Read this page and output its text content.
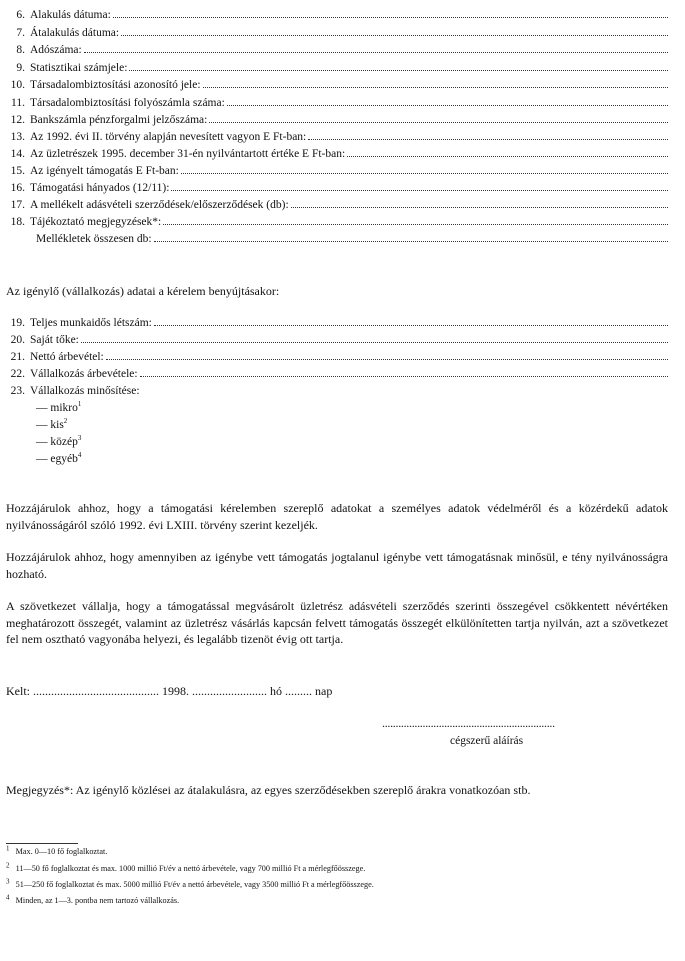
6. Alakulás dátuma:
7. Átalakulás dátuma:
8. Adószáma:
9. Statisztikai számjele:
10. Társadalombiztosítási azonosító jele:
11. Társadalombiztosítási folyószámla száma:
12. Bankszámla pénzforgalmi jelzőszáma:
13. Az 1992. évi II. törvény alapján nevesített vagyon E Ft-ban:
14. Az üzletrészek 1995. december 31-én nyilvántartott értéke E Ft-ban:
15. Az igényelt támogatás E Ft-ban:
16. Támogatási hányados (12/11):
17. A mellékelt adásvételi szerződések/előszerződések (db):
18. Tájékoztató megjegyzések*:
Mellékletek összesen db:
Az igénylő (vállalkozás) adatai a kérelem benyújtásakor:
19. Teljes munkaidős létszám:
20. Saját tőke:
21. Nettó árbevétel:
22. Vállalkozás árbevétele:
23. Vállalkozás minősítése:
— mikro$^1$
— kis$^2$
— közép$^3$
— egyéb$^4$
Hozzájárulok ahhoz, hogy a támogatási kérelemben szereplő adatokat a személyes adatok védelméről és a közérdekű adatok nyilvánosságáról szóló 1992. évi LXIII. törvény szerint kezeljék.
Hozzájárulok ahhoz, hogy amennyiben az igénybe vett támogatás jogtalanul igénybe vett támogatásnak minősül, e tény nyilvánosságra hozható.
A szövetkezet vállalja, hogy a támogatással megvásárolt üzletrész adásvételi szerződés szerinti összegével csökkentett névértéken meghatározott összegét, valamint az üzletrész vásárlás kapcsán felvett támogatás összegét elkülönítetten tartja nyilván, azt a szövetkezet fel nem osztható vagyonába helyezi, és legalább tizenöt évig ott tartja.
Kelt: .......................................... 1998. ......................... hó ......... nap
................................................................
cégszerű aláírás
Megjegyzés*: Az igénylő közlései az átalakulásra, az egyes szerződésekben szereplő árakra vonatkozóan stb.
$^1$ Max. 0—10 fő foglalkoztat.
$^2$ 11—50 fő foglalkoztat és max. 1000 millió Ft/év a nettó árbevétele, vagy 700 millió Ft a mérlegfőösszege.
$^3$ 51—250 fő foglalkoztat és max. 5000 millió Ft/év a nettó árbevétele, vagy 3500 millió Ft a mérlegfőösszege.
$^4$ Minden, az 1—3. pontba nem tartozó vállalkozás.
